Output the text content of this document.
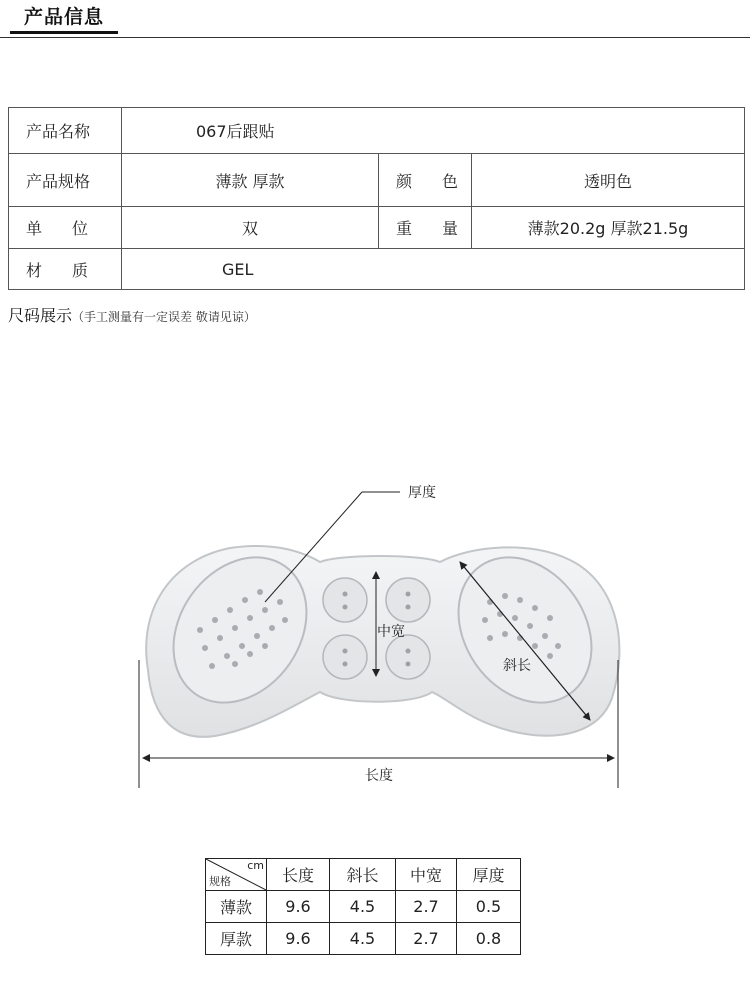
产品信息
产品名称	067后跟贴		
产品规格	薄款 厚款	颜 色	透明色

单 位	双	重 量	薄款20.2g 厚款21.5g

材 质	GEL		
尺码展示（手工测量有一定误差 敬请见谅）
厚度
中宽
斜长
长度
cm
规格	长度	斜长	中宽	厚度
薄款	9.6	4.5	2.7	0.5
厚款	9.6	4.5	2.7	0.8
